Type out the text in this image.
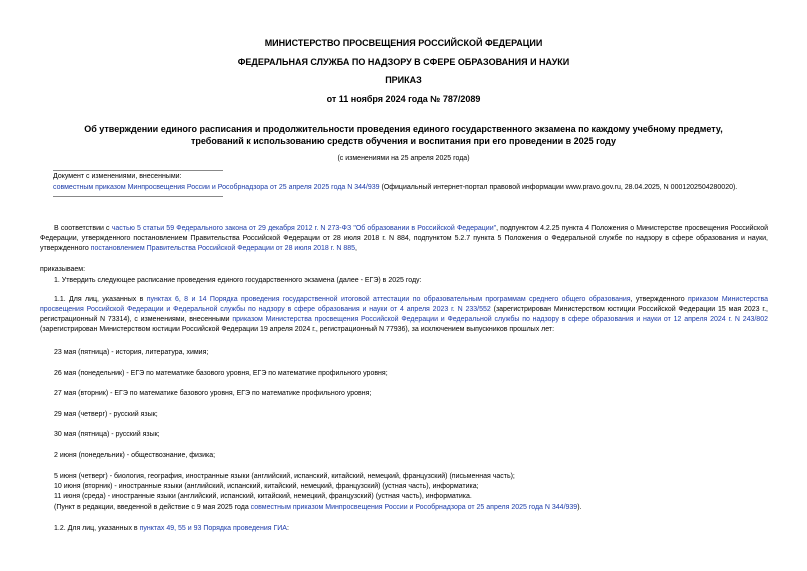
МИНИСТЕРСТВО ПРОСВЕЩЕНИЯ РОССИЙСКОЙ ФЕДЕРАЦИИ
ФЕДЕРАЛЬНАЯ СЛУЖБА ПО НАДЗОРУ В СФЕРЕ ОБРАЗОВАНИЯ И НАУКИ
ПРИКАЗ
от 11 ноября 2024 года № 787/2089
Об утверждении единого расписания и продолжительности проведения единого государственного экзамена по каждому учебному предмету, требований к использованию средств обучения и воспитания при его проведении в 2025 году
(с изменениями на 25 апреля 2025 года)
Документ с изменениями, внесенными:
совместным приказом Минпросвещения России и Рособрнадзора от 25 апреля 2025 года N 344/939 (Официальный интернет-портал правовой информации www.pravo.gov.ru, 28.04.2025, N 0001202504280020).
В соответствии с частью 5 статьи 59 Федерального закона от 29 декабря 2012 г. N 273-ФЗ "Об образовании в Российской Федерации", подпунктом 4.2.25 пункта 4 Положения о Министерстве просвещения Российской Федерации, утвержденного постановлением Правительства Российской Федерации от 28 июля 2018 г. N 884, подпунктом 5.2.7 пункта 5 Положения о Федеральной службе по надзору в сфере образования и науки, утвержденного постановлением Правительства Российской Федерации от 28 июля 2018 г. N 885,
приказываем:
1. Утвердить следующее расписание проведения единого государственного экзамена (далее - ЕГЭ) в 2025 году:
1.1. Для лиц, указанных в пунктах 6, 8 и 14 Порядка проведения государственной итоговой аттестации по образовательным программам среднего общего образования, утвержденного приказом Министерства просвещения Российской Федерации и Федеральной службы по надзору в сфере образования и науки от 4 апреля 2023 г. N 233/552 (зарегистрирован Министерством юстиции Российской Федерации 15 мая 2023 г., регистрационный N 73314), с изменениями, внесенными приказом Министерства просвещения Российской Федерации и Федеральной службы по надзору в сфере образования и науки от 12 апреля 2024 г. N 243/802 (зарегистрирован Министерством юстиции Российской Федерации 19 апреля 2024 г., регистрационный N 77936), за исключением выпускников прошлых лет:
23 мая (пятница) - история, литература, химия;
26 мая (понедельник) - ЕГЭ по математике базового уровня, ЕГЭ по математике профильного уровня;
27 мая (вторник) - ЕГЭ по математике базового уровня, ЕГЭ по математике профильного уровня;
29 мая (четверг) - русский язык;
30 мая (пятница) - русский язык;
2 июня (понедельник) - обществознание, физика;
5 июня (четверг) - биология, география, иностранные языки (английский, испанский, китайский, немецкий, французский) (письменная часть);
10 июня (вторник) - иностранные языки (английский, испанский, китайский, немецкий, французский) (устная часть), информатика;
11 июня (среда) - иностранные языки (английский, испанский, китайский, немецкий, французский) (устная часть), информатика.
(Пункт в редакции, введенной в действие с 9 мая 2025 года совместным приказом Минпросвещения России и Рособрнадзора от 25 апреля 2025 года N 344/939).
1.2. Для лиц, указанных в пунктах 49, 55 и 93 Порядка проведения ГИА:
